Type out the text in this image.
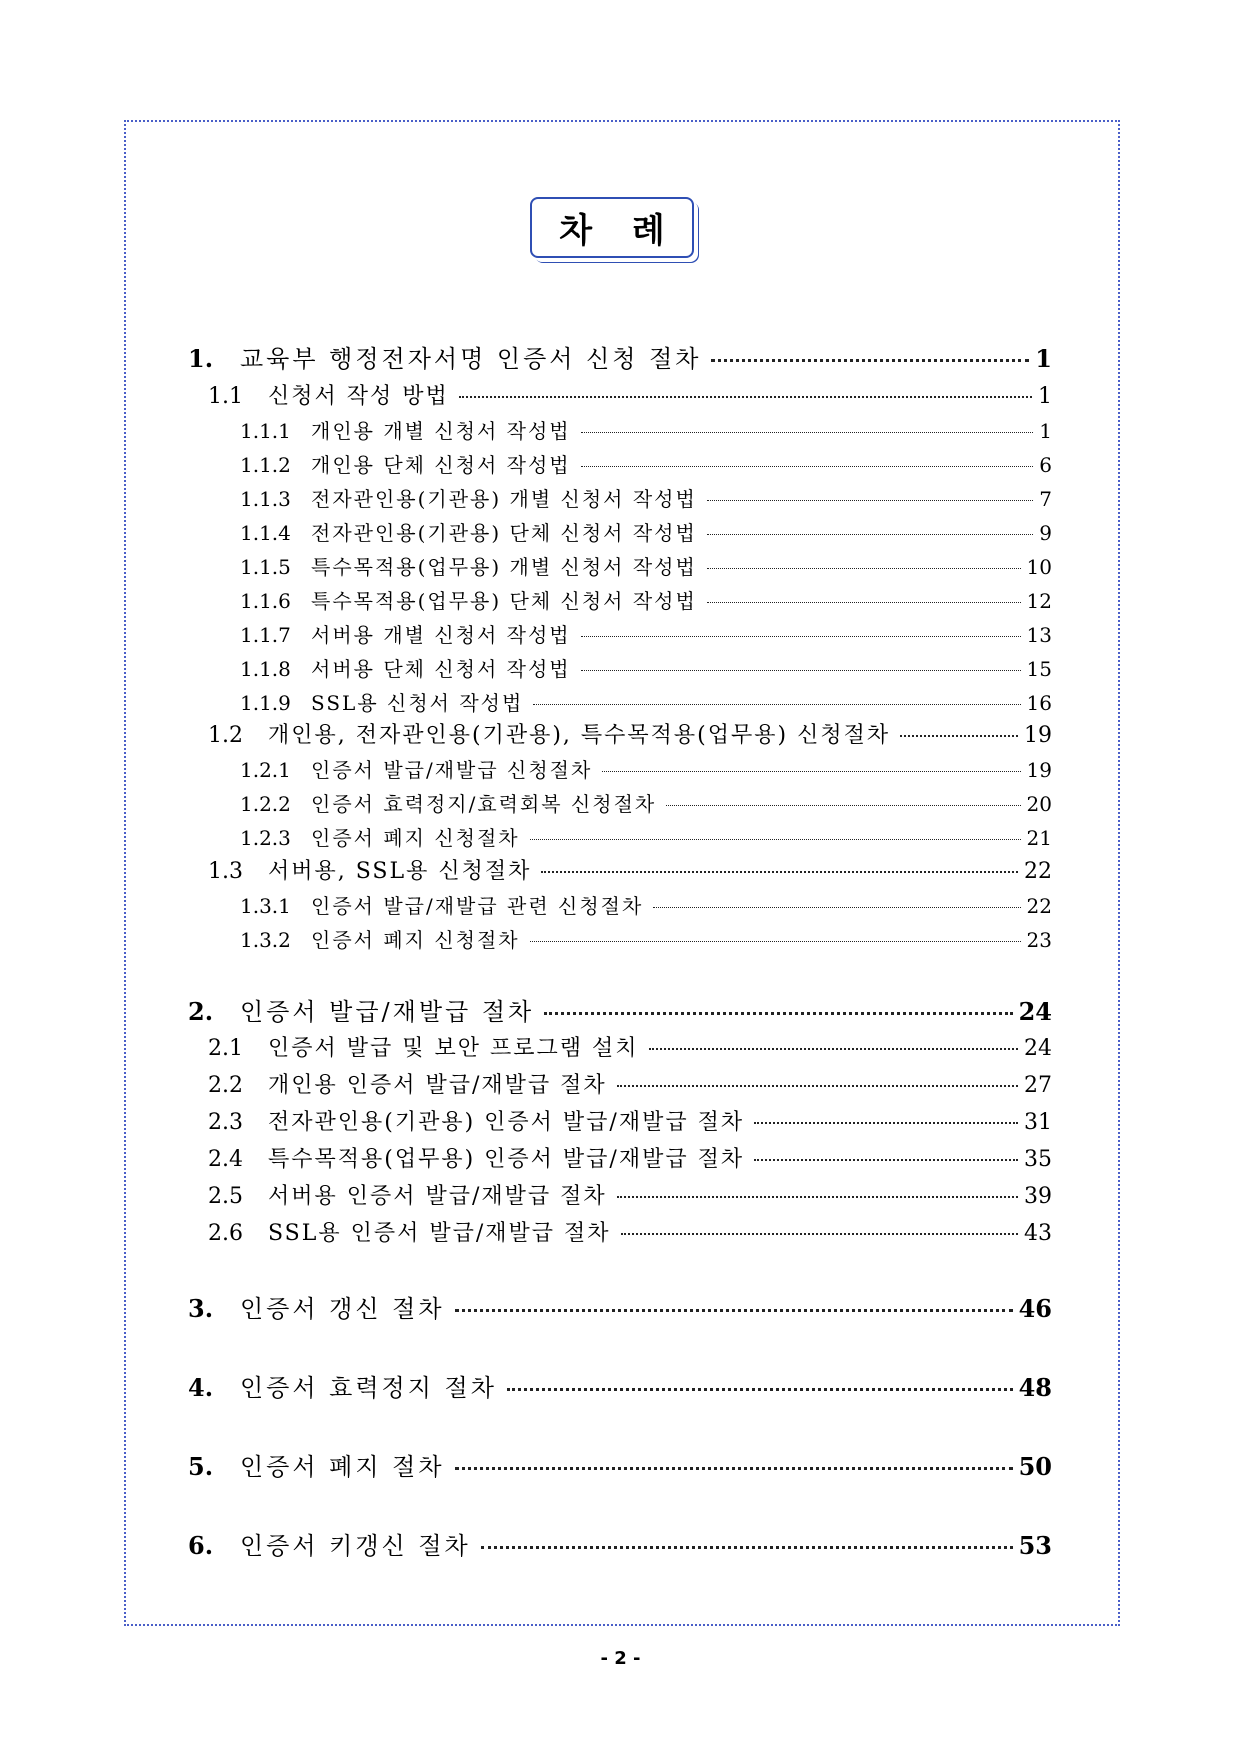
차 례
1.	교육부 행정전자서명 인증서 신청 절차	1
1.1	신청서 작성 방법	1
1.1.1	개인용 개별 신청서 작성법	1
1.1.2	개인용 단체 신청서 작성법	6
1.1.3	전자관인용(기관용) 개별 신청서 작성법	7
1.1.4	전자관인용(기관용) 단체 신청서 작성법	9
1.1.5	특수목적용(업무용) 개별 신청서 작성법	10
1.1.6	특수목적용(업무용) 단체 신청서 작성법	12
1.1.7	서버용 개별 신청서 작성법	13
1.1.8	서버용 단체 신청서 작성법	15
1.1.9	SSL용 신청서 작성법	16
1.2	개인용, 전자관인용(기관용), 특수목적용(업무용) 신청절차	19
1.2.1	인증서 발급/재발급 신청절차	19
1.2.2	인증서 효력정지/효력회복 신청절차	20
1.2.3	인증서 폐지 신청절차	21
1.3	서버용, SSL용 신청절차	22
1.3.1	인증서 발급/재발급 관련 신청절차	22
1.3.2	인증서 폐지 신청절차	23
2.	인증서 발급/재발급 절차	24
2.1	인증서 발급 및 보안 프로그램 설치	24
2.2	개인용 인증서 발급/재발급 절차	27
2.3	전자관인용(기관용) 인증서 발급/재발급 절차	31
2.4	특수목적용(업무용) 인증서 발급/재발급 절차	35
2.5	서버용 인증서 발급/재발급 절차	39
2.6	SSL용 인증서 발급/재발급 절차	43
3.	인증서 갱신 절차	46
4.	인증서 효력정지 절차	48
5.	인증서 폐지 절차	50
6.	인증서 키갱신 절차	53
- 2 -
